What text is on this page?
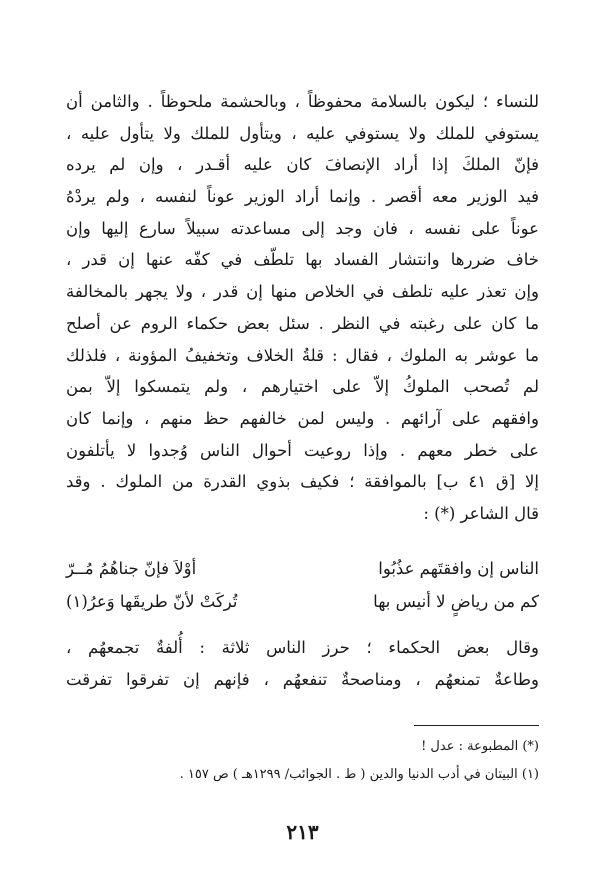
للنساء ؛ ليكون بالسلامة محفوظاً ، وبالحشمة ملحوظاً . والثامن أن
يستوفي للملك ولا يستوفي عليه ، ويتأول للملك ولا يتأول عليه ،
فإنّ الملكَ إذا أراد الإنصافَ كان عليه أقـدر ، وإن لم يرده
فيد الوزير معه أقصر . وإنما أراد الوزير عوناً لنفسه ، ولم يردْهُ
عوناً على نفسه ، فان وجد إلى مساعدته سبيلاً سارع إليها وإن
خاف ضررها وانتشار الفساد بها تلطّف في كفّه عنها إن قدر ،
وإن تعذر عليه تلطف في الخلاص منها إن قدر ، ولا يجهر بالمخالفة
ما كان على رغبته في النظر . سئل بعض حكماء الروم عن أصلح
ما عوشر به الملوك ، فقال : قلةُ الخلاف وتخفيفُ المؤونة ، فلذلك
لم تُصحب الملوكُ إلاّ على اختيارهم ، ولم يتمسكوا إلاّ بمن
وافقهم على آرائهم . وليس لمن خالفهم حظ منهم ، وإنما كان
على خطر معهم . وإذا روعيت أحوال الناس وُجدوا لا يأتلفون
إلا [ق ٤١ ب] بالموافقة ؛ فكيف بذوي القدرة من الملوك . وقد
قال الشاعر (*) :
الناس إن وافقتَهم عذُبُوا
أوْلاَ فإنّ جناهُمُ مُــرّ
كم من رياضٍ لا أنيس بها
تُركَتْ لأنّ طريقَها وَعرُ(١)
وقال بعض الحكماء ؛ حرز الناس ثلاثة : أُلفةٌ تجمعهُم ،
وطاعةٌ تمنعهُم ، ومناصحةٌ تنفعهُم ، فإنهم إن تفرقوا تفرقت
(*) المطبوعة : عدل !
(١) البيتان في أدب الدنيا والدين ( ط . الجوائب/ ١٢٩٩هـ ) ص ١٥٧ .
٢١٣
